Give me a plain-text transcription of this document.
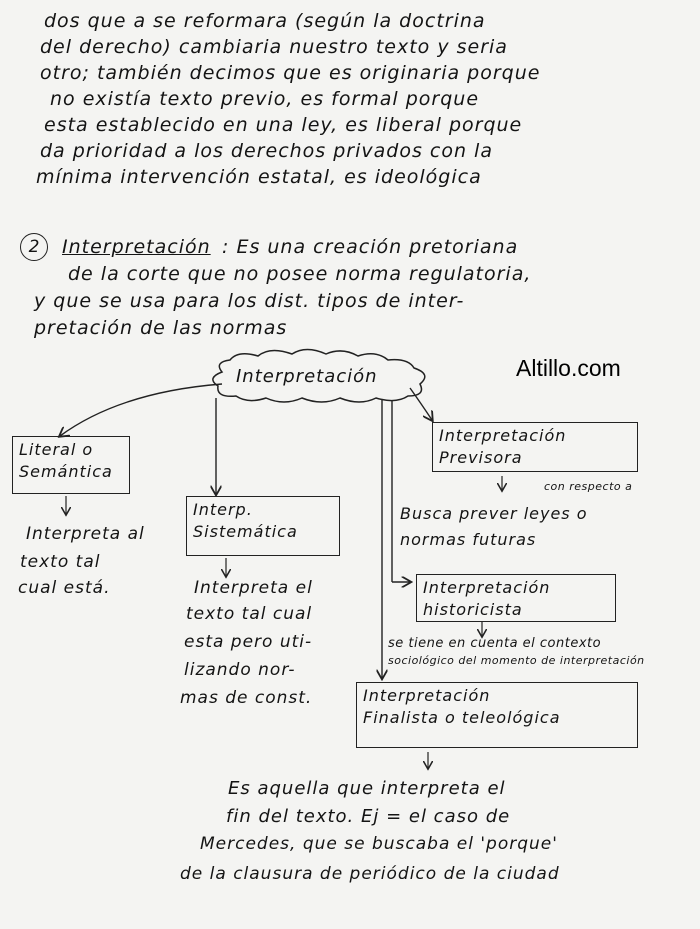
dos que a se reformara (según la doctrina
del derecho) cambiaria nuestro texto y seria
otro; también decimos que es originaria porque
no existía texto previo, es formal porque
esta establecido en una ley, es liberal porque
da prioridad a los derechos privados con la
mínima intervención estatal, es ideológica
2	Interpretación : Es una creación pretoriana
de la corte que no posee norma regulatoria,
y que se usa para los dist. tipos de inter-
pretación de las normas
Altillo.com
Interpretación
Literal o
Semántica
Interpreta al
texto tal
cual está.
Interp.
Sistemática
Interpreta el
texto tal cual
esta pero uti-
lizando nor-
mas de const.
Interpretación
Previsora
con respecto a
Busca prever leyes o
normas futuras
Interpretación
historicista
se tiene en cuenta el contexto
sociológico del momento de interpretación
Interpretación
Finalista o teleológica
Es aquella que interpreta el
fin del texto. Ej = el caso de
Mercedes, que se buscaba el 'porque'
de la clausura de periódico de la ciudad
